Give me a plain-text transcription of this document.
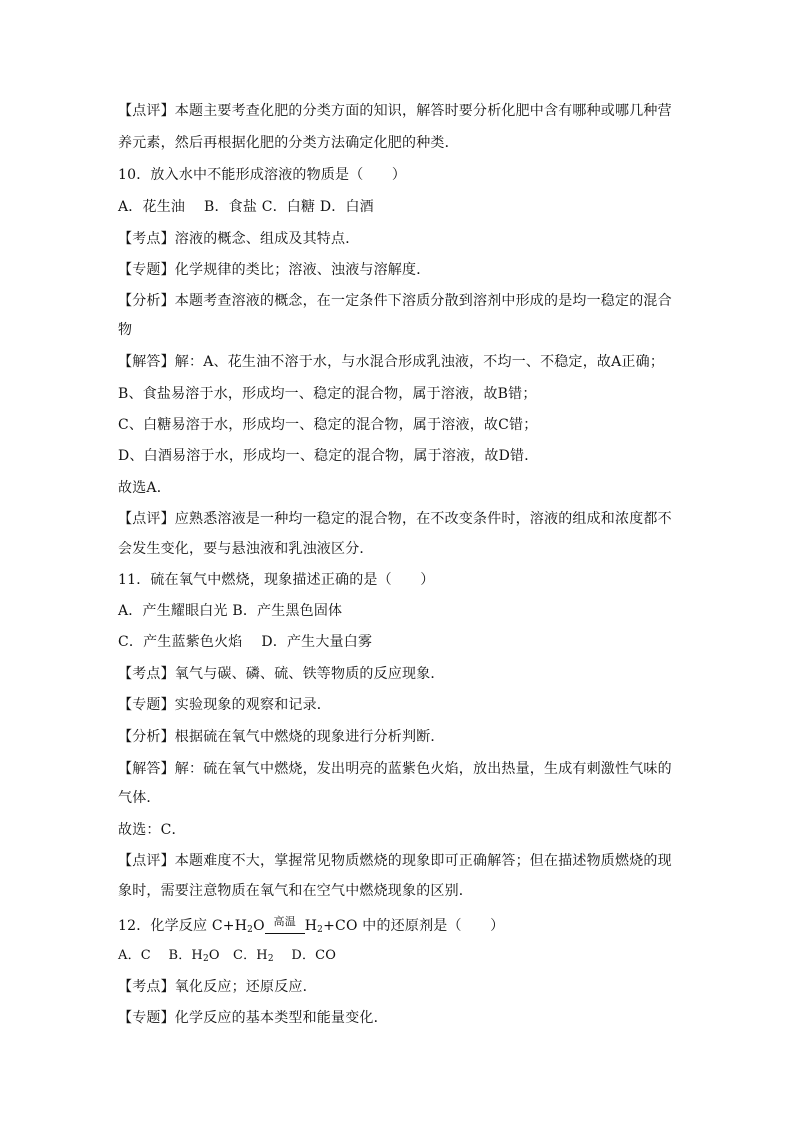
【点评】本题主要考查化肥的分类方面的知识，解答时要分析化肥中含有哪种或哪几种营
养元素，然后再根据化肥的分类方法确定化肥的种类．
10．放入水中不能形成溶液的物质是（　　）
A．花生油　 B．食盐 C．白糖 D．白酒
【考点】溶液的概念、组成及其特点．
【专题】化学规律的类比；溶液、浊液与溶解度．
【分析】本题考查溶液的概念，在一定条件下溶质分散到溶剂中形成的是均一稳定的混合
物
【解答】解：A、花生油不溶于水，与水混合形成乳浊液，不均一、不稳定，故A正确；
B、食盐易溶于水，形成均一、稳定的混合物，属于溶液，故B错；
C、白糖易溶于水，形成均一、稳定的混合物，属于溶液，故C错；
D、白酒易溶于水，形成均一、稳定的混合物，属于溶液，故D错．
故选A．
【点评】应熟悉溶液是一种均一稳定的混合物，在不改变条件时，溶液的组成和浓度都不
会发生变化，要与悬浊液和乳浊液区分．
11．硫在氧气中燃烧，现象描述正确的是（　　）
A．产生耀眼白光 B．产生黑色固体
C．产生蓝紫色火焰　 D．产生大量白雾
【考点】氧气与碳、磷、硫、铁等物质的反应现象．
【专题】实验现象的观察和记录．
【分析】根据硫在氧气中燃烧的现象进行分析判断．
【解答】解：硫在氧气中燃烧，发出明亮的蓝紫色火焰，放出热量，生成有刺激性气味的
气体．
故选：C．
【点评】本题难度不大，掌握常见物质燃烧的现象即可正确解答；但在描述物质燃烧的现
象时，需要注意物质在氧气和在空气中燃烧现象的区别．
12．化学反应 $C+H_2O$ 高温 $H_2+CO$ 中的还原剂是（　　）
A．C　 B．$H_2O$　C．$H_2$　 D．CO
【考点】氧化反应；还原反应．
【专题】化学反应的基本类型和能量变化．
